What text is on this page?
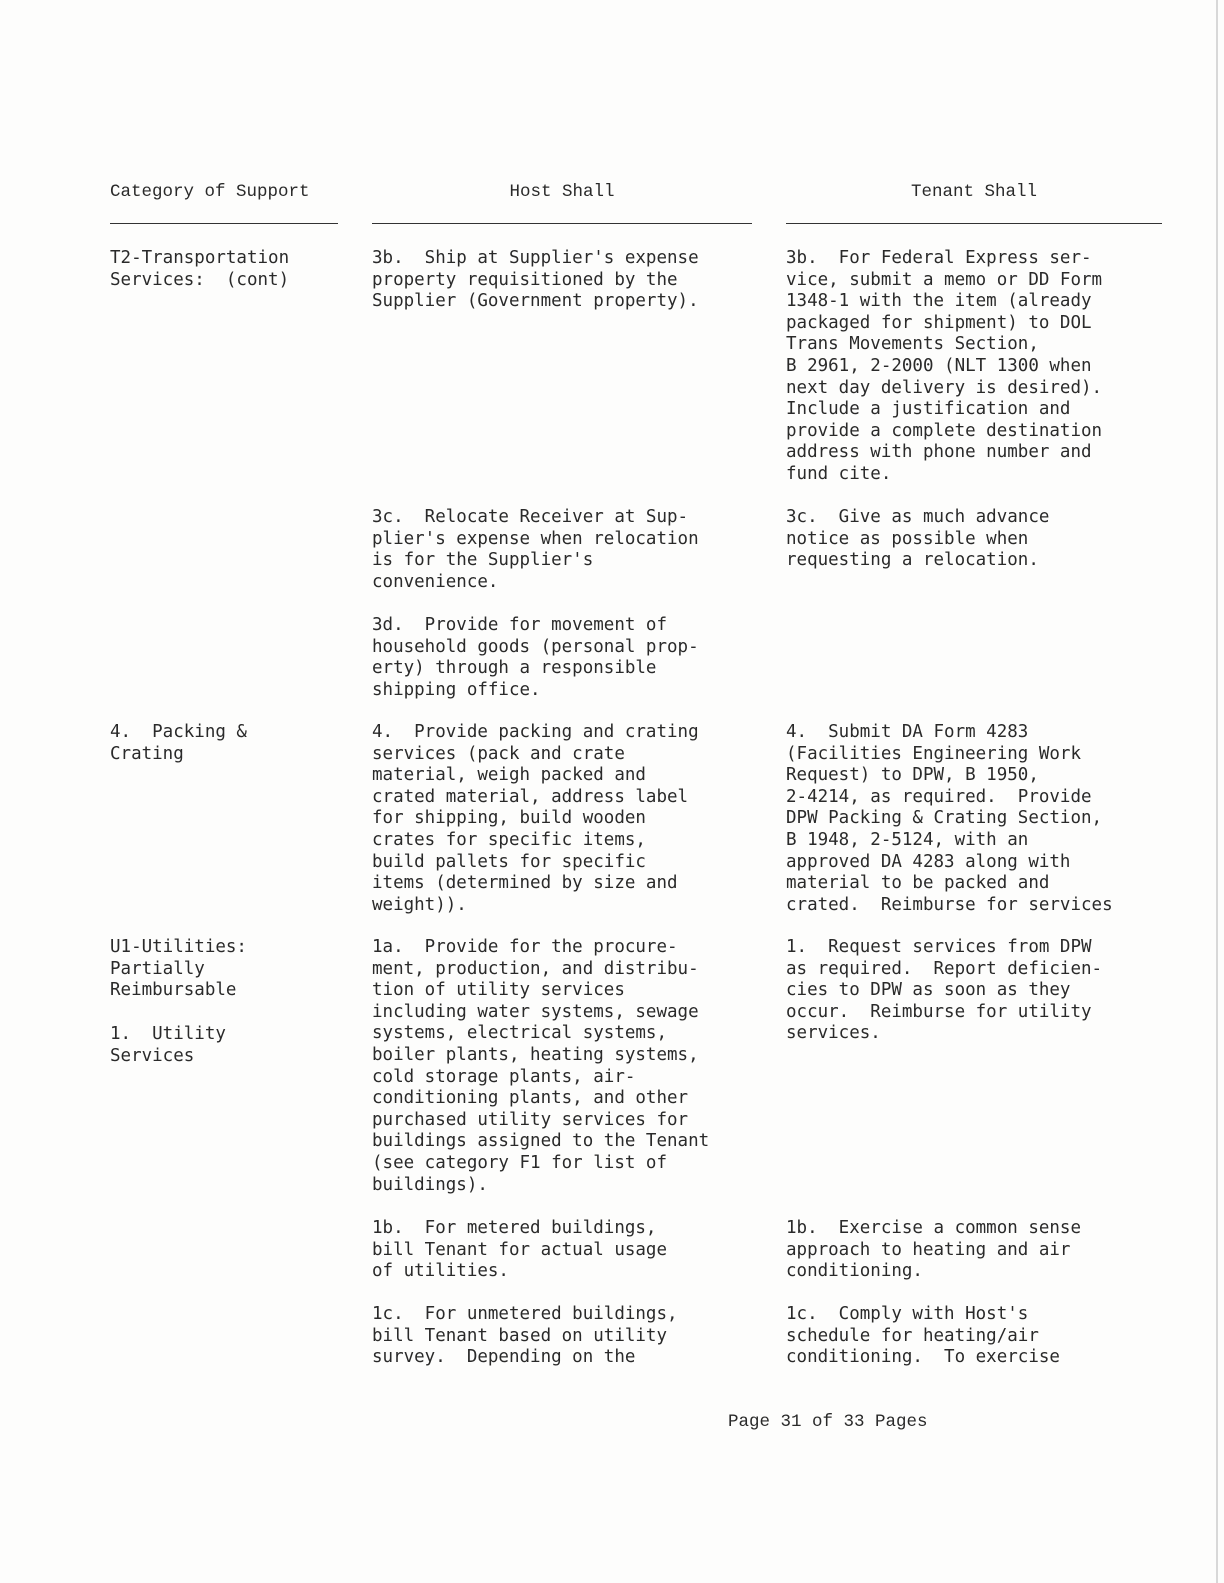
Category of Support	Host Shall	Tenant Shall
T2-Transportation
Services:  (cont)
4.  Packing &
Crating
U1-Utilities:
Partially
Reimbursable
1.  Utility
Services
3b.  Ship at Supplier's expense
property requisitioned by the
Supplier (Government property).
3c.  Relocate Receiver at Sup-
plier's expense when relocation
is for the Supplier's
convenience.
3d.  Provide for movement of
household goods (personal prop-
erty) through a responsible
shipping office.
4.  Provide packing and crating
services (pack and crate
material, weigh packed and
crated material, address label
for shipping, build wooden
crates for specific items,
build pallets for specific
items (determined by size and
weight)).
1a.  Provide for the procure-
ment, production, and distribu-
tion of utility services
including water systems, sewage
systems, electrical systems,
boiler plants, heating systems,
cold storage plants, air-
conditioning plants, and other
purchased utility services for
buildings assigned to the Tenant
(see category F1 for list of
buildings).
1b.  For metered buildings,
bill Tenant for actual usage
of utilities.
1c.  For unmetered buildings,
bill Tenant based on utility
survey.  Depending on the
3b.  For Federal Express ser-
vice, submit a memo or DD Form
1348-1 with the item (already
packaged for shipment) to DOL
Trans Movements Section,
B 2961, 2-2000 (NLT 1300 when
next day delivery is desired).
Include a justification and
provide a complete destination
address with phone number and
fund cite.
3c.  Give as much advance
notice as possible when
requesting a relocation.
4.  Submit DA Form 4283
(Facilities Engineering Work
Request) to DPW, B 1950,
2-4214, as required.  Provide
DPW Packing & Crating Section,
B 1948, 2-5124, with an
approved DA 4283 along with
material to be packed and
crated.  Reimburse for services
1.  Request services from DPW
as required.  Report deficien-
cies to DPW as soon as they
occur.  Reimburse for utility
services.
1b.  Exercise a common sense
approach to heating and air
conditioning.
1c.  Comply with Host's
schedule for heating/air
conditioning.  To exercise
Page 31 of 33 Pages
